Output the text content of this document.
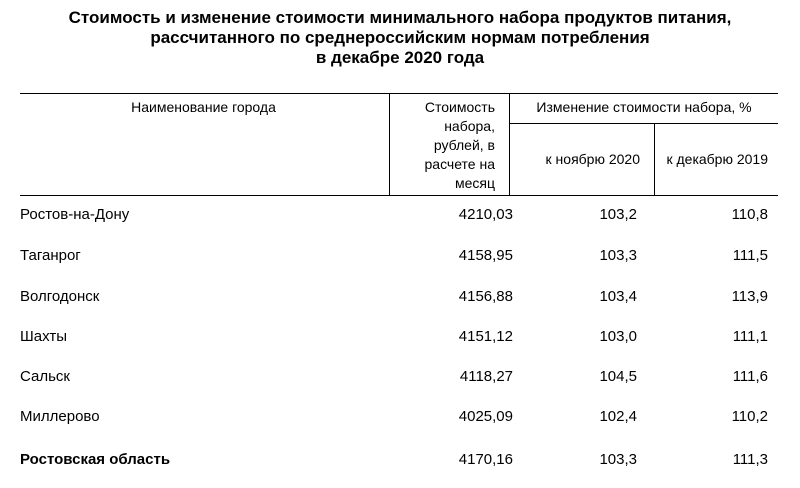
Стоимость и изменение стоимости минимального набора продуктов питания,
рассчитанного по среднероссийским нормам потребления
в декабре 2020 года
Наименование города	Стоимость
набора,
рублей, в
расчете на
месяц
Изменение стоимости набора, %
к ноябрю 2020	к декабрю 2019
Ростов-на-Дону	4210,03	103,2	110,8
Таганрог	4158,95	103,3	111,5
Волгодонск	4156,88	103,4	113,9
Шахты	4151,12	103,0	111,1
Сальск	4118,27	104,5	111,6
Миллерово	4025,09	102,4	110,2
Ростовская область	4170,16	103,3	111,3
